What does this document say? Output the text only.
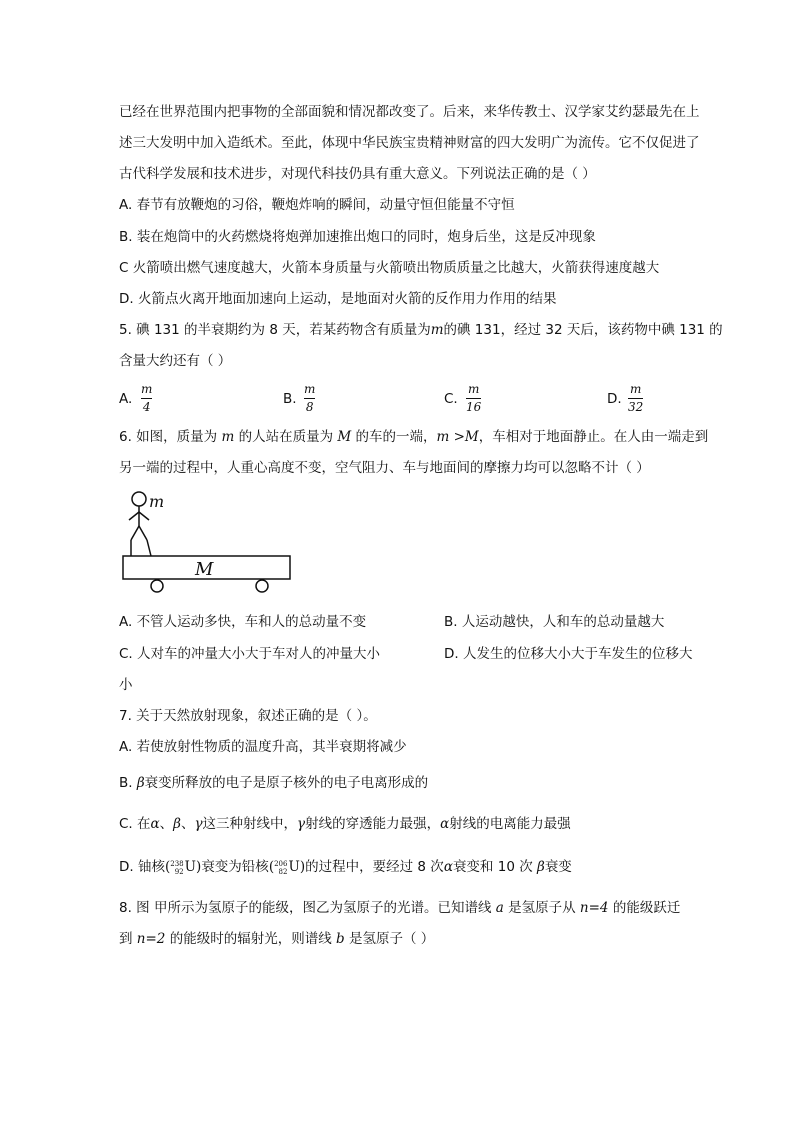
已经在世界范围内把事物的全部面貌和情况都改变了。后来，来华传教士、汉学家艾约瑟最先在上
述三大发明中加入造纸术。至此，体现中华民族宝贵精神财富的四大发明广为流传。它不仅促进了
古代科学发展和技术进步，对现代科技仍具有重大意义。下列说法正确的是（ ）
A. 春节有放鞭炮的习俗，鞭炮炸响的瞬间，动量守恒但能量不守恒
B. 装在炮筒中的火药燃烧将炮弹加速推出炮口的同时，炮身后坐，这是反冲现象
C 火箭喷出燃气速度越大，火箭本身质量与火箭喷出物质质量之比越大，火箭获得速度越大
D. 火箭点火离开地面加速向上运动，是地面对火箭的反作用力作用的结果
5. 碘 131 的半衰期约为 8 天，若某药物含有质量为m的碘 131，经过 32 天后，该药物中碘 131 的
含量大约还有（ ）
A.
m
4	B.
m
8	C.
m
16	D.
m
32
6. 如图，质量为 m 的人站在质量为 M 的车的一端，m >M，车相对于地面静止。在人由一端走到
另一端的过程中，人重心高度不变，空气阻力、车与地面间的摩擦力均可以忽略不计（ ）
m
M
A. 不管人运动多快，车和人的总动量不变	B. 人运动越快，人和车的总动量越大
C. 人对车的冲量大小大于车对人的冲量大小	D. 人发生的位移大小大于车发生的位移大
小
7. 关于天然放射现象，叙述正确的是（ ）。
A. 若使放射性物质的温度升高，其半衰期将减少
B. β衰变所释放的电子是原子核外的电子电离形成的
C. 在α、β、γ这三种射线中，γ射线的穿透能力最强，α射线的电离能力最强
D. 铀核( 238
92 U)衰变为铅核( 206
82 U)的过程中，要经过 8 次α衰变和 10 次 β衰变
8. 图 甲所示为氢原子的能级，图乙为氢原子的光谱。已知谱线 a 是氢原子从 n=4 的能级跃迁
到 n=2 的能级时的辐射光，则谱线 b 是氢原子（ ）
